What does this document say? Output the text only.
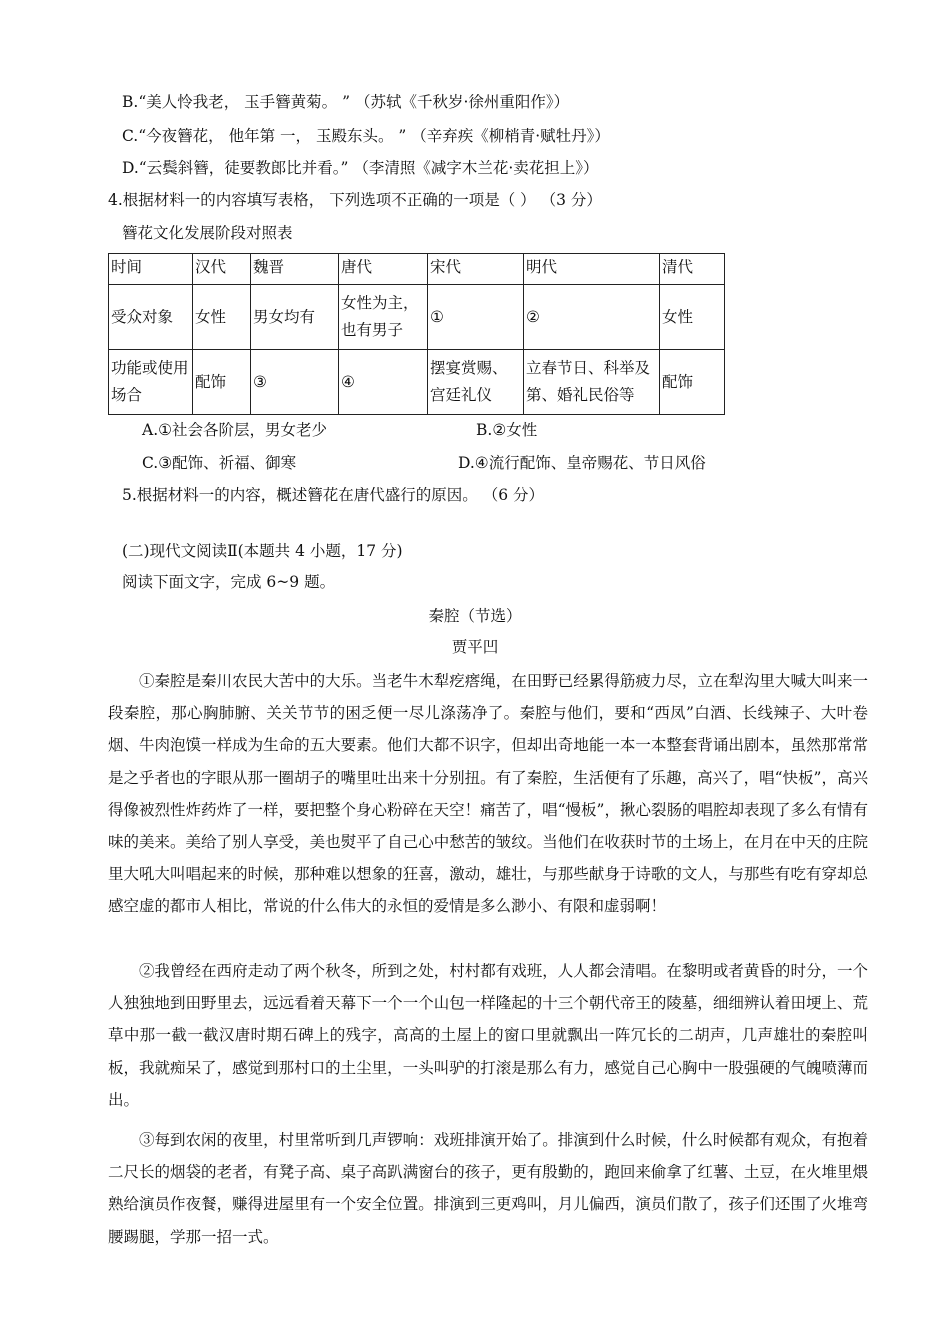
B.“美人怜我老， 玉手簪黄菊。 ” （苏轼《千秋岁·徐州重阳作》）
C.“今夜簪花， 他年第 一， 玉殿东头。 ” （辛弃疾《柳梢青·赋牡丹》）
D.“云鬓斜簪，徒要教郎比并看。” （李清照《减字木兰花·卖花担上》）
4.根据材料一的内容填写表格， 下列选项不正确的一项是（ ） （3 分）
簪花文化发展阶段对照表
时间	汉代	魏晋	唐代	宋代	明代	清代
受众对象	女性	男女均有	女性为主，也有男子	①	②	女性
功能或使用场合	配饰	③	④	摆宴赏赐、宫廷礼仪	立春节日、科举及第、婚礼民俗等	配饰
A.①社会各阶层，男女老少	B.②女性
C.③配饰、祈福、御寒	D.④流行配饰、皇帝赐花、节日风俗
5.根据材料一的内容，概述簪花在唐代盛行的原因。 （6 分）
(二)现代文阅读Ⅱ(本题共 4 小题，17 分)
阅读下面文字，完成 6~9 题。
秦腔（节选）
贾平凹
①秦腔是秦川农民大苦中的大乐。当老牛木犁疙瘩绳，在田野已经累得筋疲力尽，立在犁沟里大喊大叫来一段秦腔，那心胸肺腑、关关节节的困乏便一尽儿涤荡净了。秦腔与他们，要和“西凤”白酒、长线辣子、大叶卷烟、牛肉泡馍一样成为生命的五大要素。他们大都不识字，但却出奇地能一本一本整套背诵出剧本，虽然那常常是之乎者也的字眼从那一圈胡子的嘴里吐出来十分别扭。有了秦腔，生活便有了乐趣，高兴了，唱“快板”，高兴得像被烈性炸药炸了一样，要把整个身心粉碎在天空！痛苦了，唱“慢板”，揪心裂肠的唱腔却表现了多么有情有味的美来。美给了别人享受，美也熨平了自己心中愁苦的皱纹。当他们在收获时节的土场上，在月在中天的庄院里大吼大叫唱起来的时候，那种难以想象的狂喜，激动，雄壮，与那些献身于诗歌的文人，与那些有吃有穿却总感空虚的都市人相比，常说的什么伟大的永恒的爱情是多么渺小、有限和虚弱啊！
②我曾经在西府走动了两个秋冬，所到之处，村村都有戏班，人人都会清唱。在黎明或者黄昏的时分，一个人独独地到田野里去，远远看着天幕下一个一个山包一样隆起的十三个朝代帝王的陵墓，细细辨认着田埂上、荒草中那一截一截汉唐时期石碑上的残字，高高的土屋上的窗口里就飘出一阵冗长的二胡声，几声雄壮的秦腔叫板，我就痴呆了，感觉到那村口的土尘里，一头叫驴的打滚是那么有力，感觉自己心胸中一股强硬的气魄喷薄而出。
③每到农闲的夜里，村里常听到几声锣响：戏班排演开始了。排演到什么时候，什么时候都有观众，有抱着二尺长的烟袋的老者，有凳子高、桌子高趴满窗台的孩子，更有殷勤的，跑回来偷拿了红薯、土豆，在火堆里煨熟给演员作夜餐，赚得进屋里有一个安全位置。排演到三更鸡叫，月儿偏西，演员们散了，孩子们还围了火堆弯腰踢腿，学那一招一式。
